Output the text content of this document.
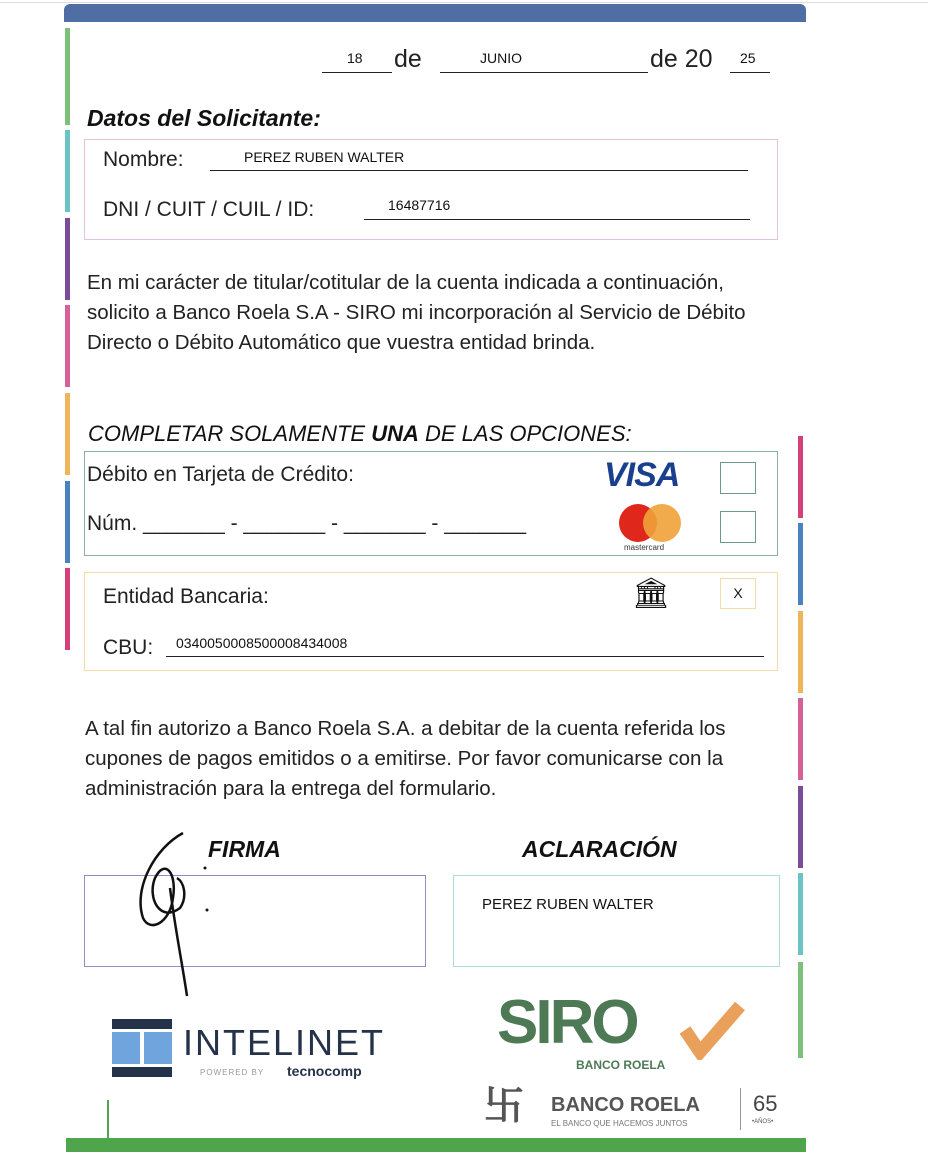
18 de	JUNIO	de 20 25
Datos del Solicitante:
Nombre:	PEREZ RUBEN WALTER
DNI / CUIT / CUIL / ID:	16487716
En mi carácter de titular/cotitular de la cuenta indicada a continuación, solicito a Banco Roela S.A - SIRO mi incorporación al Servicio de Débito Directo o Débito Automático que vuestra entidad brinda.
COMPLETAR SOLAMENTE UNA DE LAS OPCIONES:
Débito en Tarjeta de Crédito:
Núm. _______ - _______ - _______ - _______
VISA
mastercard
Entidad Bancaria:	🏛	X
CBU: 0340050008500008434008
A tal fin autorizo a Banco Roela S.A. a debitar de la cuenta referida los cupones de pagos emitidos o a emitirse. Por favor comunicarse con la administración para la entrega del formulario.
FIRMA	ACLARACIÓN
PEREZ RUBEN WALTER
INTELINET
POWERED BY tecnocomp
SIRO
BANCO ROELA
卐 BANCO ROELA
EL BANCO QUE HACEMOS JUNTOS
65
•AÑOS•
